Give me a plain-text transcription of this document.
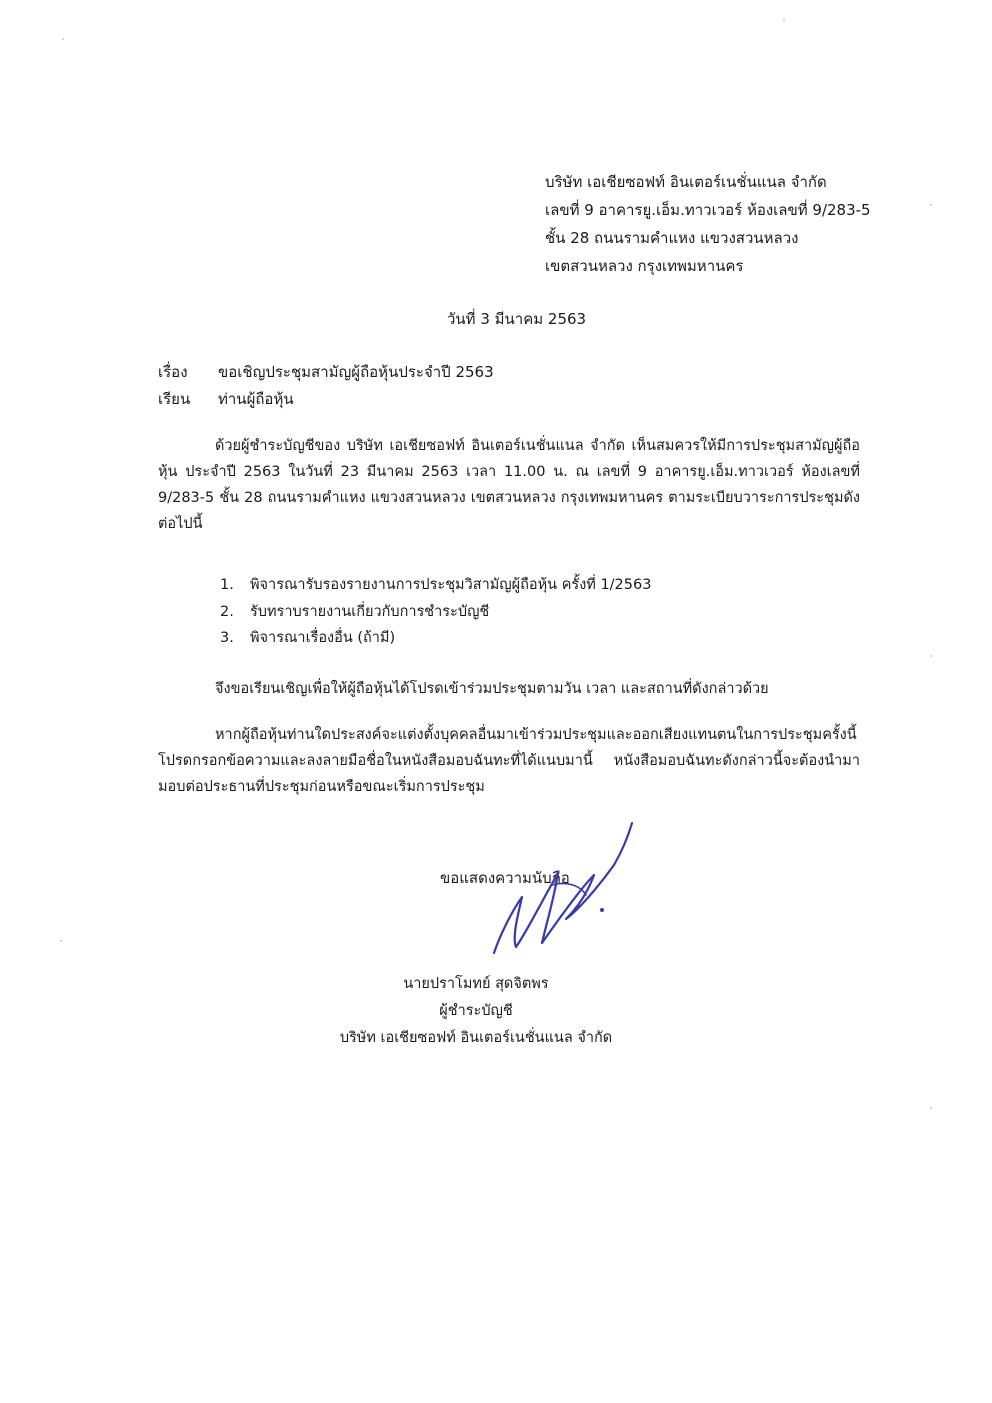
บริษัท เอเชียซอฟท์ อินเตอร์เนชั่นแนล จำกัด
เลขที่ 9 อาคารยู.เอ็ม.ทาวเวอร์ ห้องเลขที่ 9/283-5
ชั้น 28 ถนนรามคำแหง แขวงสวนหลวง
เขตสวนหลวง กรุงเทพมหานคร
วันที่ 3 มีนาคม 2563
เรื่อง ขอเชิญประชุมสามัญผู้ถือหุ้นประจำปี 2563
เรียน ท่านผู้ถือหุ้น
ด้วยผู้ชำระบัญชีของ บริษัท เอเชียซอฟท์ อินเตอร์เนชั่นแนล จำกัด เห็นสมควรให้มีการประชุมสามัญผู้ถือหุ้น ประจำปี 2563 ในวันที่ 23 มีนาคม 2563 เวลา 11.00 น. ณ เลขที่ 9 อาคารยู.เอ็ม.ทาวเวอร์ ห้องเลขที่ 9/283-5 ชั้น 28 ถนนรามคำแหง แขวงสวนหลวง เขตสวนหลวง กรุงเทพมหานคร ตามระเบียบวาระการประชุมดังต่อไปนี้
1. พิจารณารับรองรายงานการประชุมวิสามัญผู้ถือหุ้น ครั้งที่ 1/2563
2. รับทราบรายงานเกี่ยวกับการชำระบัญชี
3. พิจารณาเรื่องอื่น (ถ้ามี)
จึงขอเรียนเชิญเพื่อให้ผู้ถือหุ้นได้โปรดเข้าร่วมประชุมตามวัน เวลา และสถานที่ดังกล่าวด้วย
หากผู้ถือหุ้นท่านใดประสงค์จะแต่งตั้งบุคคลอื่นมาเข้าร่วมประชุมและออกเสียงแทนตนในการประชุมครั้งนี้ โปรดกรอกข้อความและลงลายมือชื่อในหนังสือมอบฉันทะที่ได้แนบมานี้ หนังสือมอบฉันทะดังกล่าวนี้จะต้องนำมามอบต่อประธานที่ประชุมก่อนหรือขณะเริ่มการประชุม
ขอแสดงความนับถือ
นายปราโมทย์ สุดจิตพร
ผู้ชำระบัญชี
บริษัท เอเชียซอฟท์ อินเตอร์เนชั่นแนล จำกัด
